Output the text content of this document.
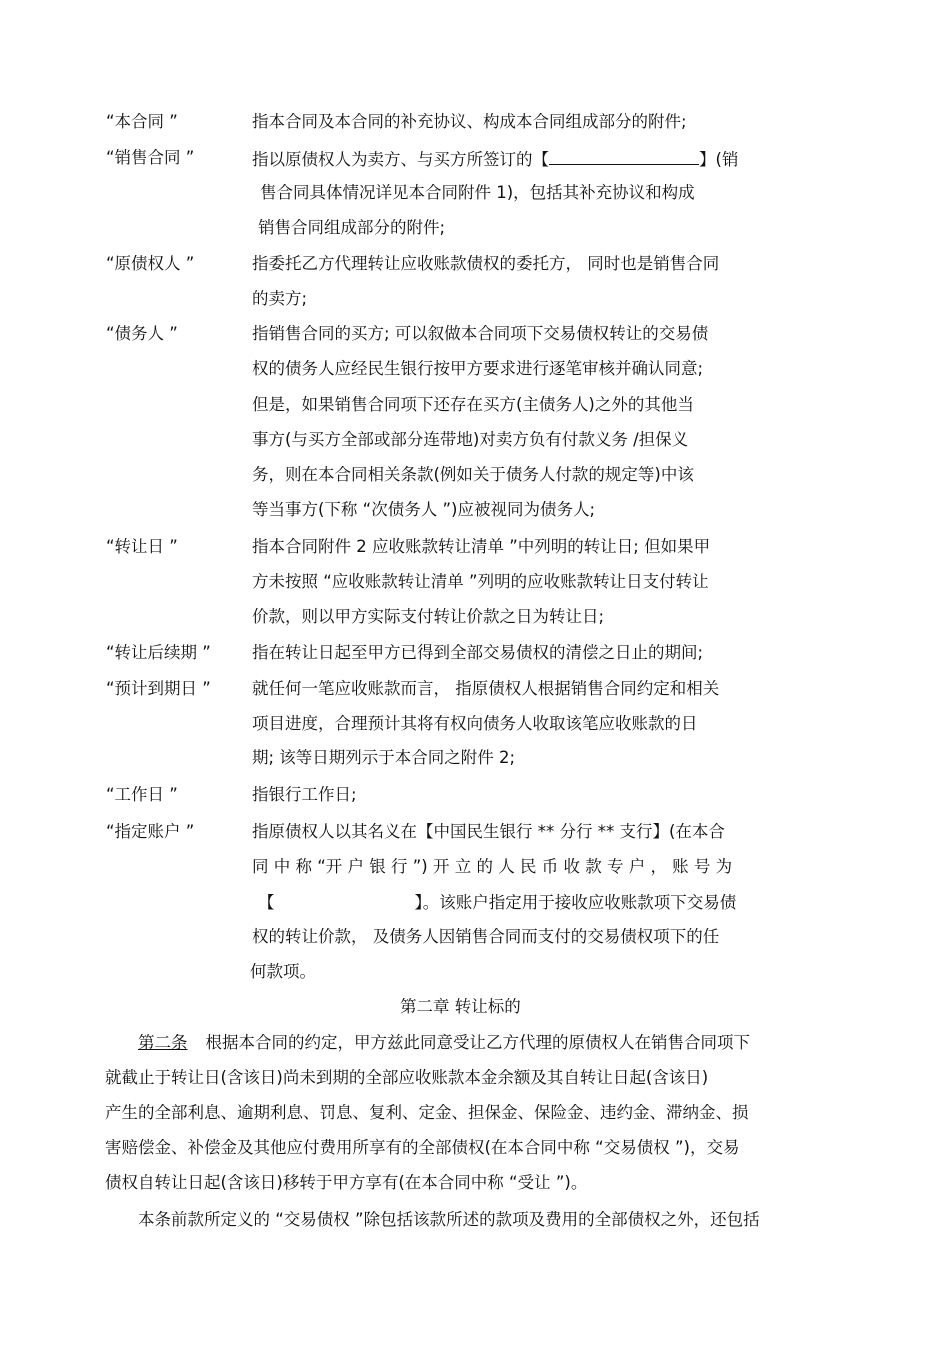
“本合同 ”	指本合同及本合同的补充协议、构成本合同组成部分的附件;
“销售合同 ”	指以原债权人为卖方、与买方所签订的【	】(销
售合同具体情况详见本合同附件 1)，包括其补充协议和构成
销售合同组成部分的附件;
“原债权人 ”	指委托乙方代理转让应收账款债权的委托方， 同时也是销售合同
的卖方;
“债务人 ”	指销售合同的买方; 可以叙做本合同项下交易债权转让的交易债
权的债务人应经民生银行按甲方要求进行逐笔审核并确认同意;
但是，如果销售合同项下还存在买方(主债务人)之外的其他当
事方(与买方全部或部分连带地)对卖方负有付款义务 /担保义
务，则在本合同相关条款(例如关于债务人付款的规定等)中该
等当事方(下称 “次债务人 ”)应被视同为债务人;
“转让日 ”	指本合同附件 2 应收账款转让清单 ”中列明的转让日; 但如果甲
方未按照 “应收账款转让清单 ”列明的应收账款转让日支付转让
价款，则以甲方实际支付转让价款之日为转让日;
“转让后续期 ” 指在转让日起至甲方已得到全部交易债权的清偿之日止的期间;
“预计到期日 ” 就任何一笔应收账款而言， 指原债权人根据销售合同约定和相关
项目进度，合理预计其将有权向债务人收取该笔应收账款的日
期; 该等日期列示于本合同之附件 2;
“工作日 ”	指银行工作日;
“指定账户 ”	指原债权人以其名义在【中国民生银行 ** 分行 ** 支行】(在本合
同 中 称 “开 户 银 行 ”) 开 立 的 人 民 币 收 款 专 户 ， 账 号 为
【	】。该账户指定用于接收应收账款项下交易债
权的转让价款， 及债务人因销售合同而支付的交易债权项下的任
何款项。
第二章 转让标的
第二条 根据本合同的约定，甲方兹此同意受让乙方代理的原债权人在销售合同项下
就截止于转让日(含该日)尚未到期的全部应收账款本金余额及其自转让日起(含该日)
产生的全部利息、逾期利息、罚息、复利、定金、担保金、保险金、违约金、滞纳金、损
害赔偿金、补偿金及其他应付费用所享有的全部债权(在本合同中称 “交易债权 ”)，交易
债权自转让日起(含该日)移转于甲方享有(在本合同中称 “受让 ”)。
本条前款所定义的 “交易债权 ”除包括该款所述的款项及费用的全部债权之外，还包括
